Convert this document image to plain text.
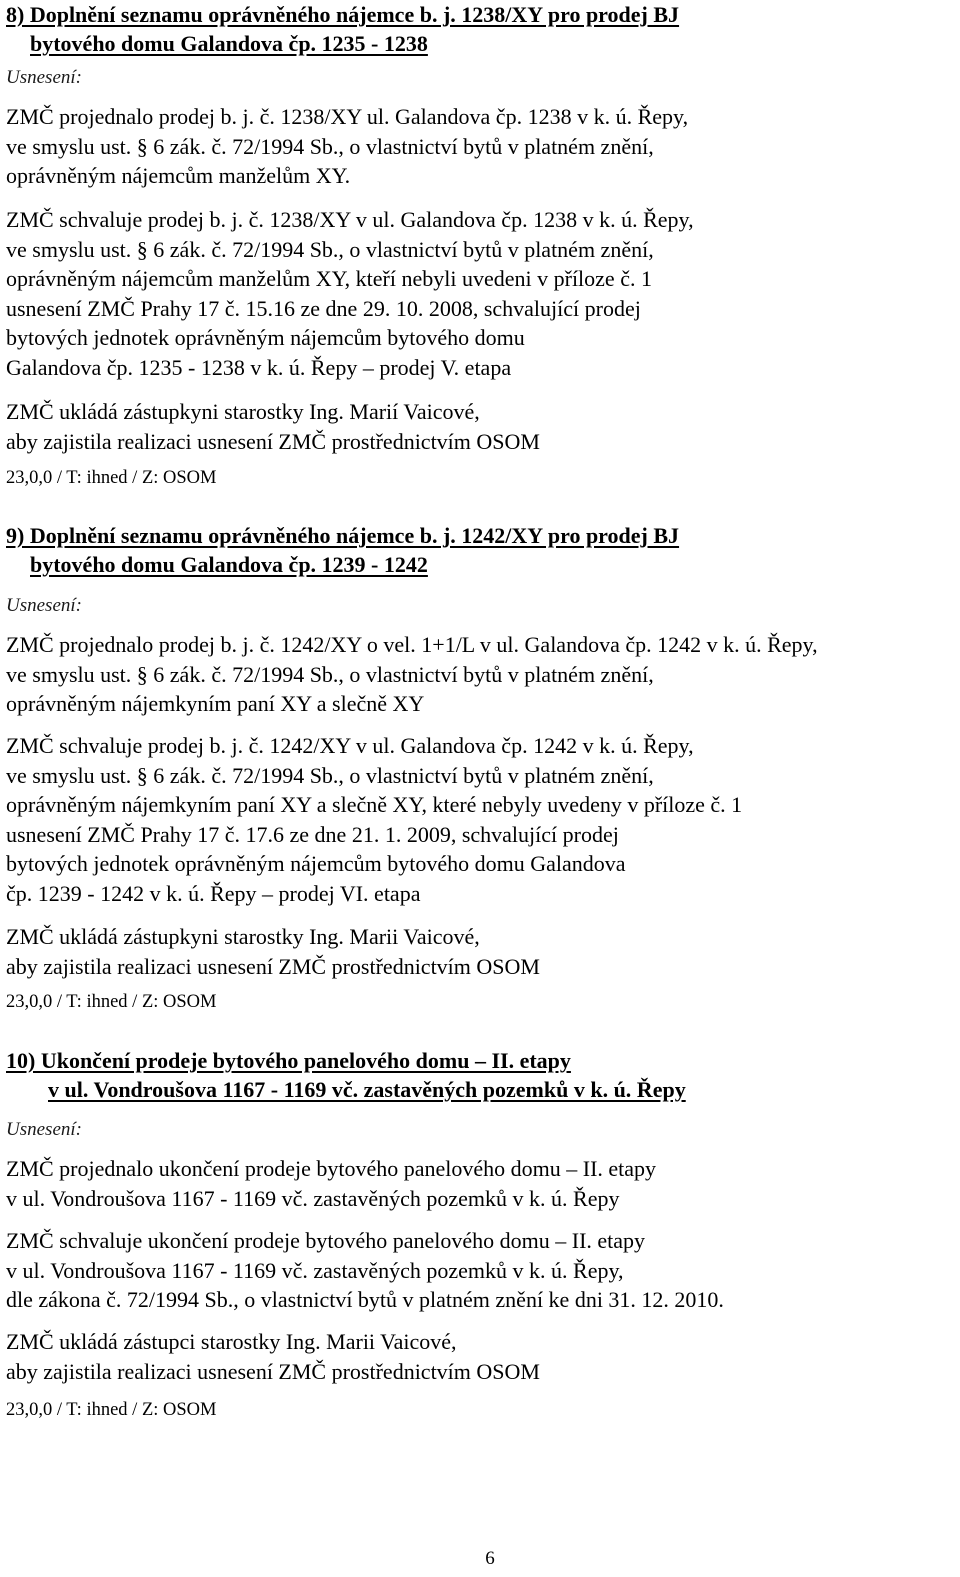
8) Doplnění seznamu oprávněného nájemce b. j. 1238/XY pro prodej BJ
bytového domu Galandova čp. 1235 - 1238
Usnesení:
ZMČ projednalo prodej b. j. č. 1238/XY ul. Galandova čp. 1238 v k. ú. Řepy,
ve smyslu ust. § 6 zák. č. 72/1994 Sb., o vlastnictví bytů v platném znění,
oprávněným nájemcům manželům XY.
ZMČ schvaluje prodej b. j. č. 1238/XY v ul. Galandova čp. 1238 v k. ú. Řepy,
ve smyslu ust. § 6 zák. č. 72/1994 Sb., o vlastnictví bytů v platném znění,
oprávněným nájemcům manželům XY, kteří nebyli uvedeni v příloze č. 1
usnesení ZMČ Prahy 17 č. 15.16 ze dne 29. 10. 2008, schvalující prodej
bytových jednotek oprávněným nájemcům bytového domu
Galandova čp. 1235 - 1238 v k. ú. Řepy – prodej V. etapa
ZMČ ukládá zástupkyni starostky Ing. Marií Vaicové,
aby zajistila realizaci usnesení ZMČ prostřednictvím OSOM
23,0,0 / T: ihned / Z: OSOM
9) Doplnění seznamu oprávněného nájemce b. j. 1242/XY pro prodej BJ
bytového domu Galandova čp. 1239 - 1242
Usnesení:
ZMČ projednalo prodej b. j. č. 1242/XY o vel. 1+1/L v ul. Galandova čp. 1242 v k. ú. Řepy,
ve smyslu ust. § 6 zák. č. 72/1994 Sb., o vlastnictví bytů v platném znění,
oprávněným nájemkyním paní XY a slečně XY
ZMČ schvaluje prodej b. j. č. 1242/XY v ul. Galandova čp. 1242 v k. ú. Řepy,
ve smyslu ust. § 6 zák. č. 72/1994 Sb., o vlastnictví bytů v platném znění,
oprávněným nájemkyním paní XY a slečně XY, které nebyly uvedeny v příloze č. 1
usnesení ZMČ Prahy 17 č. 17.6 ze dne 21. 1. 2009, schvalující prodej
bytových jednotek oprávněným nájemcům bytového domu Galandova
čp. 1239 - 1242 v k. ú. Řepy – prodej VI. etapa
ZMČ ukládá zástupkyni starostky Ing. Marii Vaicové,
aby zajistila realizaci usnesení ZMČ prostřednictvím OSOM
23,0,0 / T: ihned / Z: OSOM
10) Ukončení prodeje bytového panelového domu – II. etapy
v ul. Vondroušova 1167 - 1169 vč. zastavěných pozemků v k. ú. Řepy
Usnesení:
ZMČ projednalo ukončení prodeje bytového panelového domu – II. etapy
v ul. Vondroušova 1167 - 1169 vč. zastavěných pozemků v k. ú. Řepy
ZMČ schvaluje ukončení prodeje bytového panelového domu – II. etapy
v ul. Vondroušova 1167 - 1169 vč. zastavěných pozemků v k. ú. Řepy,
dle zákona č. 72/1994 Sb., o vlastnictví bytů v platném znění ke dni 31. 12. 2010.
ZMČ ukládá zástupci starostky Ing. Marii Vaicové,
aby zajistila realizaci usnesení ZMČ prostřednictvím OSOM
23,0,0 / T: ihned / Z: OSOM
6
